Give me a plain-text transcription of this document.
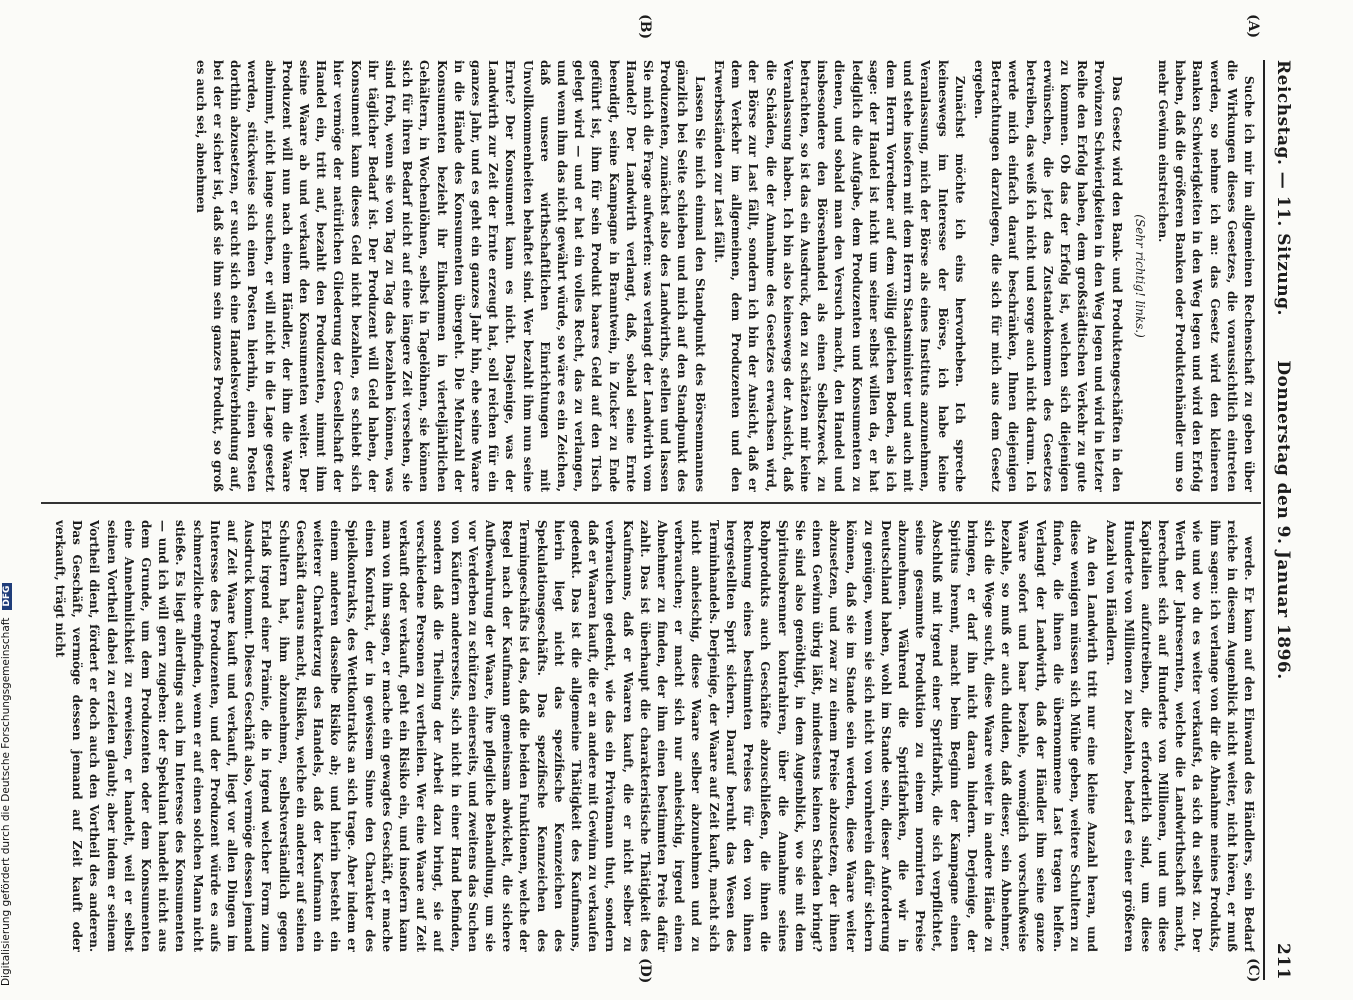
Reichstag. — 11. Sitzung.
Donnerstag den 9. Januar 1896.
211
(A)
(B)
(C)
(D)

Suche ich mir im allgemeinen Rechenschaft zu geben über die Wirkungen dieses Gesetzes, die voraussichtlich eintreten werden, so nehme ich an: das Gesetz wird den kleineren Banken Schwierigkeiten in den Weg legen und wird den Erfolg haben, daß die größeren Banken oder Produktenhändler um so mehr Gewinn einstreichen.

(Sehr richtig! links.)

Das Gesetz wird den Bank- und Produktengeschäften in den Provinzen Schwierigkeiten in den Weg legen und wird in letzter Reihe den Erfolg haben, dem großstädtischen Verkehr zu gute zu kommen. Ob das der Erfolg ist, welchen sich diejenigen erwünschen, die jetzt das Zustandekommen des Gesetzes betreiben, das weiß ich nicht und sorge auch nicht darum. Ich werde mich einfach darauf beschränken, Ihnen diejenigen Betrachtungen darzulegen, die sich für mich aus dem Gesetz ergeben.

Zunächst möchte ich eins hervorheben. Ich spreche keineswegs im Interesse der Börse, ich habe keine Veranlassung, mich der Börse als eines Instituts anzunehmen, und stehe insofern mit dem Herrn Staatsminister und auch mit dem Herrn Vorredner auf dem völlig gleichen Boden, als ich sage: der Handel ist nicht um seiner selbst willen da, er hat lediglich die Aufgabe, dem Produzenten und Konsumenten zu dienen, und sobald man den Versuch macht, den Handel und insbesondere den Börsenhandel als einen Selbstzweck zu betrachten, so ist das ein Ausdruck, den zu schätzen mir keine Veranlassung haben. Ich bin also keineswegs der Ansicht, daß die Schäden, die der Annahme des Gesetzes erwachsen wird, der Börse zur Last fällt, sondern ich bin der Ansicht, daß er dem Verkehr im allgemeinen, dem Produzenten und den Erwerbsständen zur Last fällt.

Lassen Sie mich einmal den Standpunkt des Börsenmannes gänzlich bei Seite schieben und mich auf den Standpunkt des Produzenten, zunächst also des Landwirths, stellen und lassen Sie mich die Frage aufwerfen: was verlangt der Landwirth vom Handel? Der Landwirth verlangt, daß, sobald seine Ernte beendigt, seine Kampagne in Branntwein, in Zucker zu Ende geführt ist, ihm für sein Produkt baares Geld auf den Tisch gelegt wird — und er hat ein volles Recht, das zu verlangen, und wenn ihm das nicht gewährt würde, so wäre es ein Zeichen, daß unsere wirthschaftlichen Einrichtungen mit Unvollkommenheiten behaftet sind. Wer bezahlt ihm nun seine Ernte? Der Konsument kann es nicht. Dasjenige, was der Landwirth zur Zeit der Ernte erzeugt hat, soll reichen für ein ganzes Jahr, und es geht ein ganzes Jahr hin, ehe seine Waare in die Hände des Konsumenten übergeht. Die Mehrzahl der Konsumenten bezieht ihr Einkommen in vierteljährlichen Gehältern, in Wochenlöhnen, selbst in Tagelöhnen, sie können sich für ihren Bedarf nicht auf eine längere Zeit versehen, sie sind froh, wenn sie von Tag zu Tag das bezahlen können, was ihr täglicher Bedarf ist. Der Produzent will Geld haben, der Konsument kann dieses Geld nicht bezahlen, es schiebt sich hier vermöge der natürlichen Gliederung der Gesellschaft der Handel ein, tritt auf, bezahlt den Produzenten, nimmt ihm seine Waare ab und verkauft den Konsumenten weiter. Der Produzent will nun nach einem Händler, der ihm die Waare abnimmt, nicht lange suchen, er will nicht in die Lage gesetzt werden, stückweise sich einen Posten hierhin, einen Posten dorthin abzusetzen, er sucht sich eine Handelsverbindung auf, bei der er sicher ist, daß sie ihm sein ganzes Produkt, so groß es auch sei, abnehmen

werde. Er kann auf den Einwand des Händlers, sein Bedarf reiche in diesem Augenblick nicht weiter, nicht hören, er muß ihm sagen: ich verlange von dir die Abnahme meines Produkts, wie und wo du es weiter verkaufst, da sich du selbst zu. Der Werth der Jahresernten, welche die Landwirthschaft macht, berechnet sich auf Hunderte von Millionen, und um diese Kapitalien aufzutreiben, die erforderlich sind, um diese Hunderte von Millionen zu bezahlen, bedarf es einer größeren Anzahl von Händlern.

An den Landwirth tritt nur eine kleine Anzahl heran, und diese wenigen müssen sich Mühe geben, weitere Schultern zu finden, die ihnen die übernommene Last tragen helfen. Verlangt der Landwirth, daß der Händler ihm seine ganze Waare sofort und baar bezahle, womöglich vorschußweise bezahle, so muß er auch dulden, daß dieser, sein Abnehmer, sich die Wege sucht, diese Waare weiter in andere Hände zu bringen, er darf ihn nicht daran hindern. Derjenige, der Spiritus brennt, macht beim Beginn der Kampagne einen Abschluß mit irgend einer Spritfabrik, die sich verpflichtet, seine gesammte Produktion zu einem normirten Preise abzunehmen. Während die Spritfabriken, die wir in Deutschland haben, wohl im Stande sein, dieser Anforderung zu genügen, wenn sie sich nicht von vornherein dafür sichern können, daß sie im Stande sein werden, diese Waare weiter abzusetzen, und zwar zu einem Preise abzusetzen, der ihnen einen Gewinn übrig läßt, mindestens keinen Schaden bringt? Sie sind also genöthigt, in dem Augenblick, wo sie mit dem Spirituosbrenner kontrahiren, über die Annahme seines Rohprodukts auch Geschäfte abzuschließen, die ihnen die Rechnung eines bestimmten Preises für den von ihnen hergestellten Sprit sichern. Darauf beruht das Wesen des Terminhandels. Derjenige, der Waare auf Zeit kauft, macht sich nicht anheischig, diese Waare selber abzunehmen und zu verbrauchen; er macht sich nur anheischig, irgend einen Abnehmer zu finden, der ihm einen bestimmten Preis dafür zahlt. Das ist überhaupt die charakteristische Thätigkeit des Kaufmanns, daß er Waaren kauft, die er nicht selber zu verbrauchen gedenkt, wie das ein Privatmann thut, sondern daß er Waaren kauft, die er an andere mit Gewinn zu verkaufen gedenkt. Das ist die allgemeine Thätigkeit des Kaufmanns, hierin liegt nicht das spezifische Kennzeichen des Spekulationsgeschäfts. Das spezifische Kennzeichen des Termingeschäfts ist das, daß die beiden Funktionen, welche der Regel nach der Kaufmann gemeinsam abwickelt, die sichere Aufbewahrung der Waare, ihre pflegliche Behandlung, um sie vor Verderben zu schützen einerseits, und zweitens das Suchen von Käufern andererseits, sich nicht in einer Hand befinden, sondern daß die Theilung der Arbeit dazu bringt, sie auf verschiedene Personen zu vertheilen. Wer eine Waare auf Zeit verkauft oder verkauft, geht ein Risiko ein, und insofern kann man von ihm sagen, er mache ein gewagtes Geschäft, er mache einen Kontrakt, der in gewissem Sinne den Charakter des Spielkontrakts, des Wettkontrakts an sich trage. Aber indem er einem anderen dasselbe Risiko ab; und hierin besteht ein weiterer Charakterzug des Handels, daß der Kaufmann ein Geschäft daraus macht, Risiken, welche ein anderer auf seinen Schultern hat, ihm abzunehmen, selbstverständlich gegen Erlaß irgend einer Prämie, die in irgend welcher Form zum Ausdruck kommt. Dieses Geschäft also, vermöge dessen jemand auf Zeit Waare kauft und verkauft, liegt vor allen Dingen im Interesse des Produzenten, und der Produzent würde es aufs schmerzliche empfinden, wenn er auf einen solchen Mann nicht stieße. Es liegt allerdings auch im Interesse des Konsumenten — und ich will gern zugeben: der Spekulant handelt nicht aus dem Grunde, um dem Produzenten oder dem Konsumenten eine Annehmlichkeit zu erweisen, er handelt, weil er selbst seinen Vortheil dabei zu erzielen glaubt; aber indem er seinem Vortheil dient, fördert er doch auch den Vortheil des anderen. Das Geschäft, vermöge dessen jemand auf Zeit kauft oder verkauft, trägt nicht

Digitalisierung gefördert durch die Deutsche ForschungsgemeinschaftDFG
